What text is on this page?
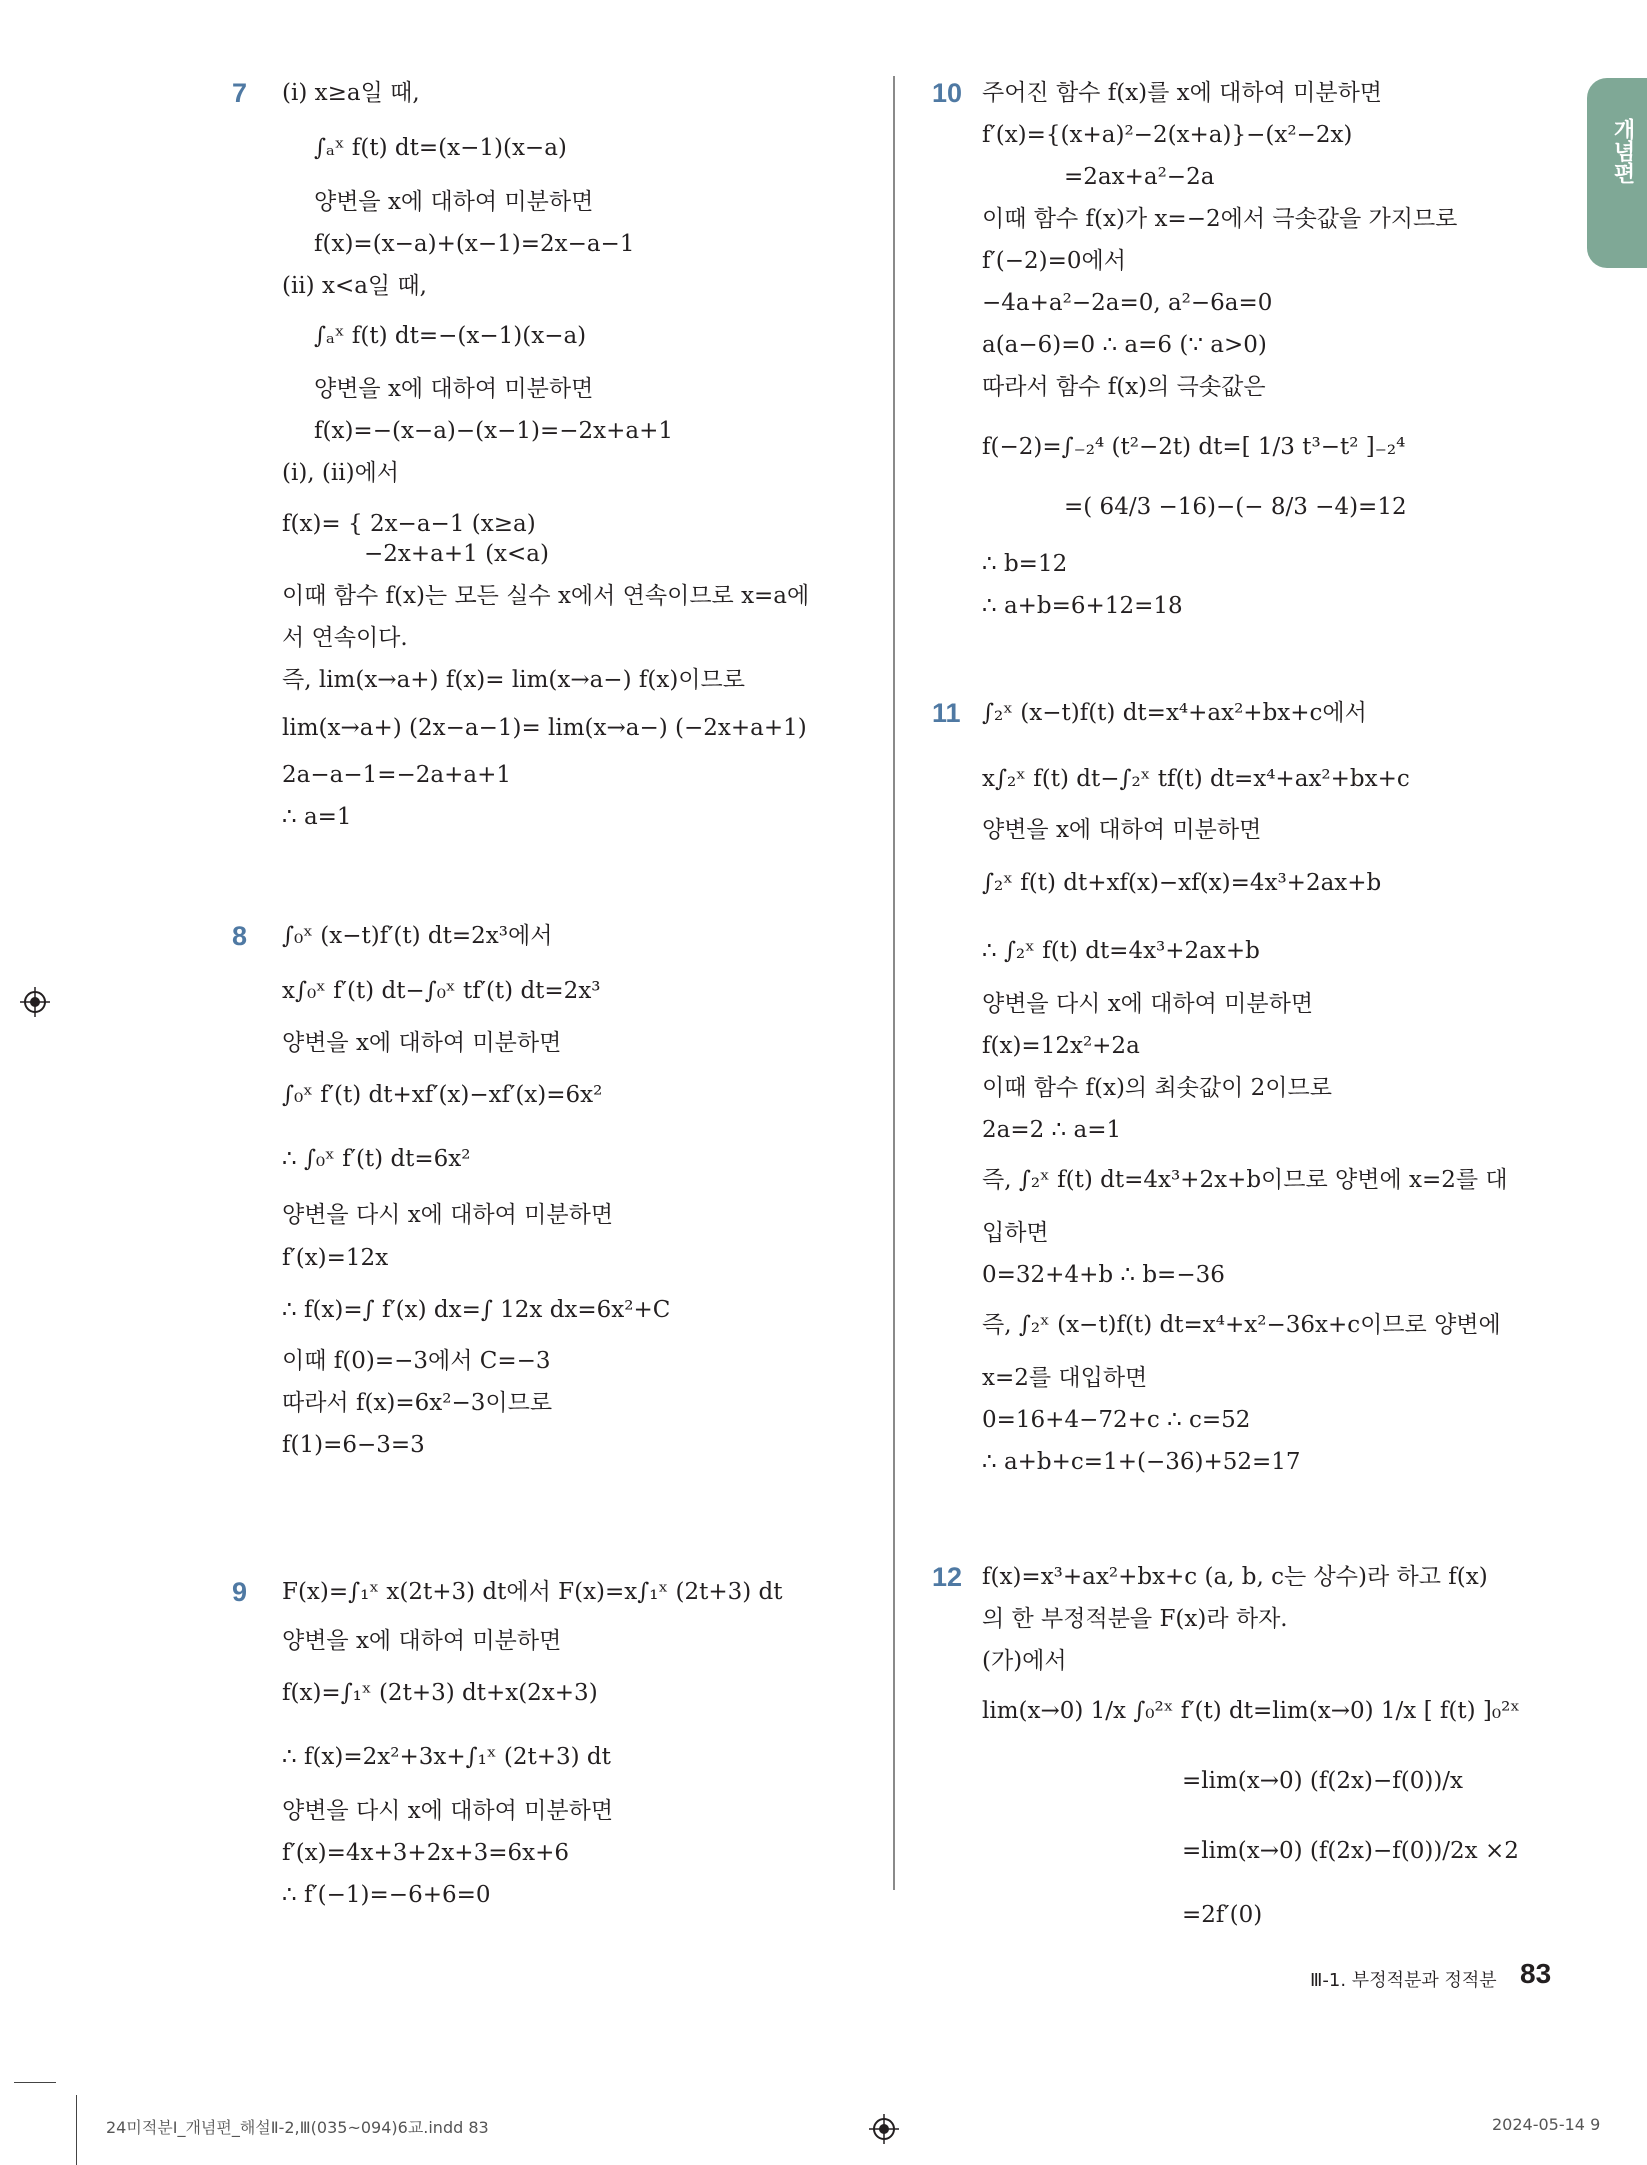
개념편
7	(ⅰ) x≥a일 때,
∫ₐˣ f(t) dt=(x−1)(x−a)
양변을 x에 대하여 미분하면
f(x)=(x−a)+(x−1)=2x−a−1
(ⅱ) x<a일 때,
∫ₐˣ f(t) dt=−(x−1)(x−a)
양변을 x에 대하여 미분하면
f(x)=−(x−a)−(x−1)=−2x+a+1
(ⅰ), (ⅱ)에서
f(x)= { 2x−a−1 (x≥a)
−2x+a+1 (x<a)
이때 함수 f(x)는 모든 실수 x에서 연속이므로 x=a에
서 연속이다.
즉, lim(x→a+) f(x)= lim(x→a−) f(x)이므로
lim(x→a+) (2x−a−1)= lim(x→a−) (−2x+a+1)
2a−a−1=−2a+a+1
∴ a=1
8	∫₀ˣ (x−t)f′(t) dt=2x³에서
x∫₀ˣ f′(t) dt−∫₀ˣ tf′(t) dt=2x³
양변을 x에 대하여 미분하면
∫₀ˣ f′(t) dt+xf′(x)−xf′(x)=6x²
∴ ∫₀ˣ f′(t) dt=6x²
양변을 다시 x에 대하여 미분하면
f′(x)=12x
∴ f(x)=∫ f′(x) dx=∫ 12x dx=6x²+C
이때 f(0)=−3에서 C=−3
따라서 f(x)=6x²−3이므로
f(1)=6−3=3
9	F(x)=∫₁ˣ x(2t+3) dt에서 F(x)=x∫₁ˣ (2t+3) dt
양변을 x에 대하여 미분하면
f(x)=∫₁ˣ (2t+3) dt+x(2x+3)
∴ f(x)=2x²+3x+∫₁ˣ (2t+3) dt
양변을 다시 x에 대하여 미분하면
f′(x)=4x+3+2x+3=6x+6
∴ f′(−1)=−6+6=0
10 주어진 함수 f(x)를 x에 대하여 미분하면
f′(x)={(x+a)²−2(x+a)}−(x²−2x)
=2ax+a²−2a
이때 함수 f(x)가 x=−2에서 극솟값을 가지므로
f′(−2)=0에서
−4a+a²−2a=0, a²−6a=0
a(a−6)=0 ∴ a=6 (∵ a>0)
따라서 함수 f(x)의 극솟값은
f(−2)=∫₋₂⁴ (t²−2t) dt=[ 1/3 t³−t² ]₋₂⁴
=( 64/3 −16)−(− 8/3 −4)=12
∴ b=12
∴ a+b=6+12=18
11 ∫₂ˣ (x−t)f(t) dt=x⁴+ax²+bx+c에서
x∫₂ˣ f(t) dt−∫₂ˣ tf(t) dt=x⁴+ax²+bx+c
양변을 x에 대하여 미분하면
∫₂ˣ f(t) dt+xf(x)−xf(x)=4x³+2ax+b
∴ ∫₂ˣ f(t) dt=4x³+2ax+b
양변을 다시 x에 대하여 미분하면
f(x)=12x²+2a
이때 함수 f(x)의 최솟값이 2이므로
2a=2 ∴ a=1
즉, ∫₂ˣ f(t) dt=4x³+2x+b이므로 양변에 x=2를 대
입하면
0=32+4+b ∴ b=−36
즉, ∫₂ˣ (x−t)f(t) dt=x⁴+x²−36x+c이므로 양변에
x=2를 대입하면
0=16+4−72+c ∴ c=52
∴ a+b+c=1+(−36)+52=17
12 f(x)=x³+ax²+bx+c (a, b, c는 상수)라 하고 f(x)
의 한 부정적분을 F(x)라 하자.
(가)에서
lim(x→0) 1/x ∫₀²ˣ f′(t) dt=lim(x→0) 1/x [ f(t) ]₀²ˣ
=lim(x→0) (f(2x)−f(0))/x
=lim(x→0) (f(2x)−f(0))/2x ×2
=2f′(0)
Ⅲ-1. 부정적분과 정적분 83
24미적분Ⅰ_개념편_해설Ⅱ-2,Ⅲ(035~094)6교.indd 83	2024-05-14 9
